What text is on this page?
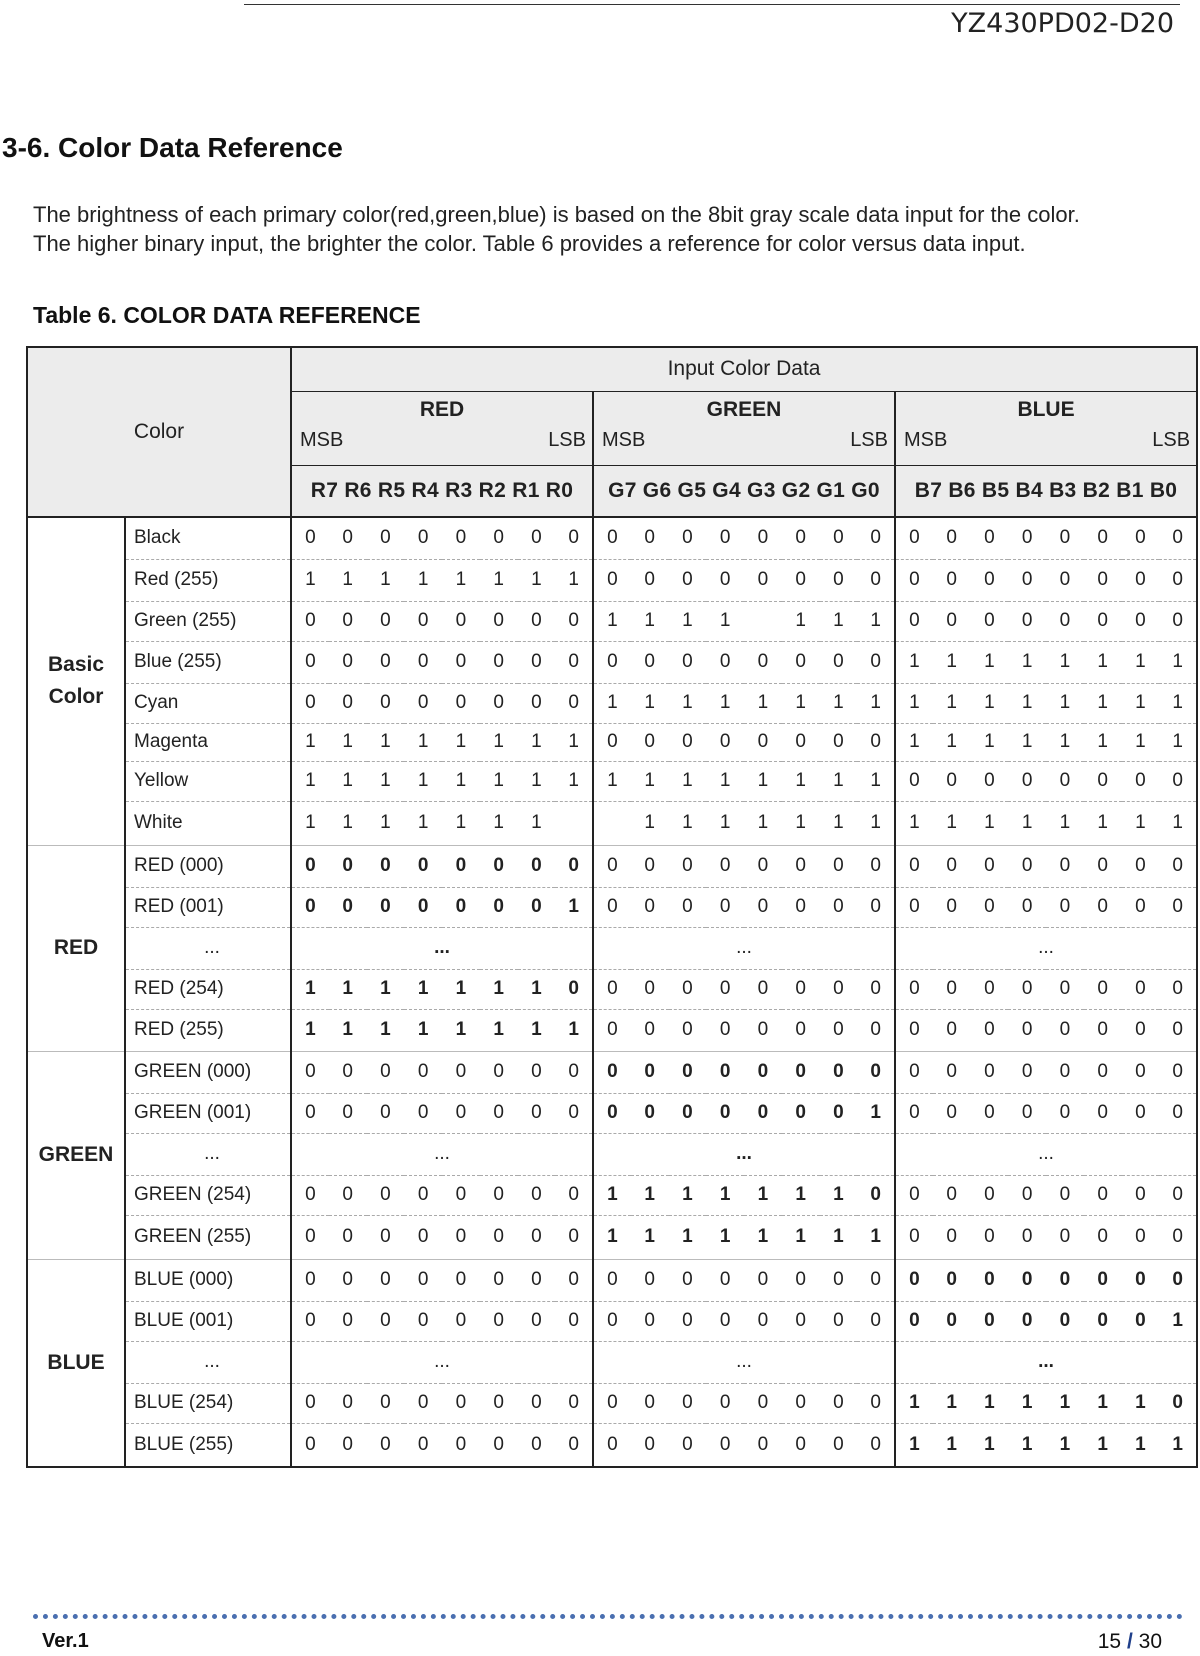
YZ430PD02-D20
3-6. Color Data Reference

The brightness of each primary color(red,green,blue) is based on the 8bit gray scale data input for the color.

The higher binary input, the brighter the color. Table 6 provides a reference for color versus data input.

Table 6. COLOR DATA REFERENCE
Color		Input Color Data																							
		RED								GREEN								BLUE							
		MSB				LSB				MSB				LSB				MSB				LSB			
		R7 R6 R5 R4 R3 R2 R1 R0								G7 G6 G5 G4 G3 G2 G1 G0								B7 B6 B5 B4 B3 B2 B1 B0							
Basic
Color	Black	0	0	0	0	0	0	0	0	0	0	0	0	0	0	0	0	0	0	0	0	0	0	0	0
	Red (255)	1	1	1	1	1	1	1	1	0	0	0	0	0	0	0	0	0	0	0	0	0	0	0	0
	Green (255)	0	0	0	0	0	0	0	0	1	1	1	1		1	1	1	0	0	0	0	0	0	0	0
	Blue (255)	0	0	0	0	0	0	0	0	0	0	0	0	0	0	0	0	1	1	1	1	1	1	1	1
	Cyan	0	0	0	0	0	0	0	0	1	1	1	1	1	1	1	1	1	1	1	1	1	1	1	1
	Magenta	1	1	1	1	1	1	1	1	0	0	0	0	0	0	0	0	1	1	1	1	1	1	1	1
	Yellow	1	1	1	1	1	1	1	1	1	1	1	1	1	1	1	1	0	0	0	0	0	0	0	0
	White	1	1	1	1	1	1	1			1	1	1	1	1	1	1	1	1	1	1	1	1	1	1
RED	RED (000)	0	0	0	0	0	0	0	0	0	0	0	0	0	0	0	0	0	0	0	0	0	0	0	0
	RED (001)	0	0	0	0	0	0	0	1	0	0	0	0	0	0	0	0	0	0	0	0	0	0	0	0
	...	...								...								...							
	RED (254)	1	1	1	1	1	1	1	0	0	0	0	0	0	0	0	0	0	0	0	0	0	0	0	0
	RED (255)	1	1	1	1	1	1	1	1	0	0	0	0	0	0	0	0	0	0	0	0	0	0	0	0
GREEN	GREEN (000)	0	0	0	0	0	0	0	0	0	0	0	0	0	0	0	0	0	0	0	0	0	0	0	0
	GREEN (001)	0	0	0	0	0	0	0	0	0	0	0	0	0	0	0	1	0	0	0	0	0	0	0	0
	...	...								...								...							
	GREEN (254)	0	0	0	0	0	0	0	0	1	1	1	1	1	1	1	0	0	0	0	0	0	0	0	0
	GREEN (255)	0	0	0	0	0	0	0	0	1	1	1	1	1	1	1	1	0	0	0	0	0	0	0	0
BLUE	BLUE (000)	0	0	0	0	0	0	0	0	0	0	0	0	0	0	0	0	0	0	0	0	0	0	0	0
	BLUE (001)	0	0	0	0	0	0	0	0	0	0	0	0	0	0	0	0	0	0	0	0	0	0	0	1
	...	...								...								...							
	BLUE (254)	0	0	0	0	0	0	0	0	0	0	0	0	0	0	0	0	1	1	1	1	1	1	1	0
	BLUE (255)	0	0	0	0	0	0	0	0	0	0	0	0	0	0	0	0	1	1	1	1	1	1	1	1
Ver.1	15 / 30
